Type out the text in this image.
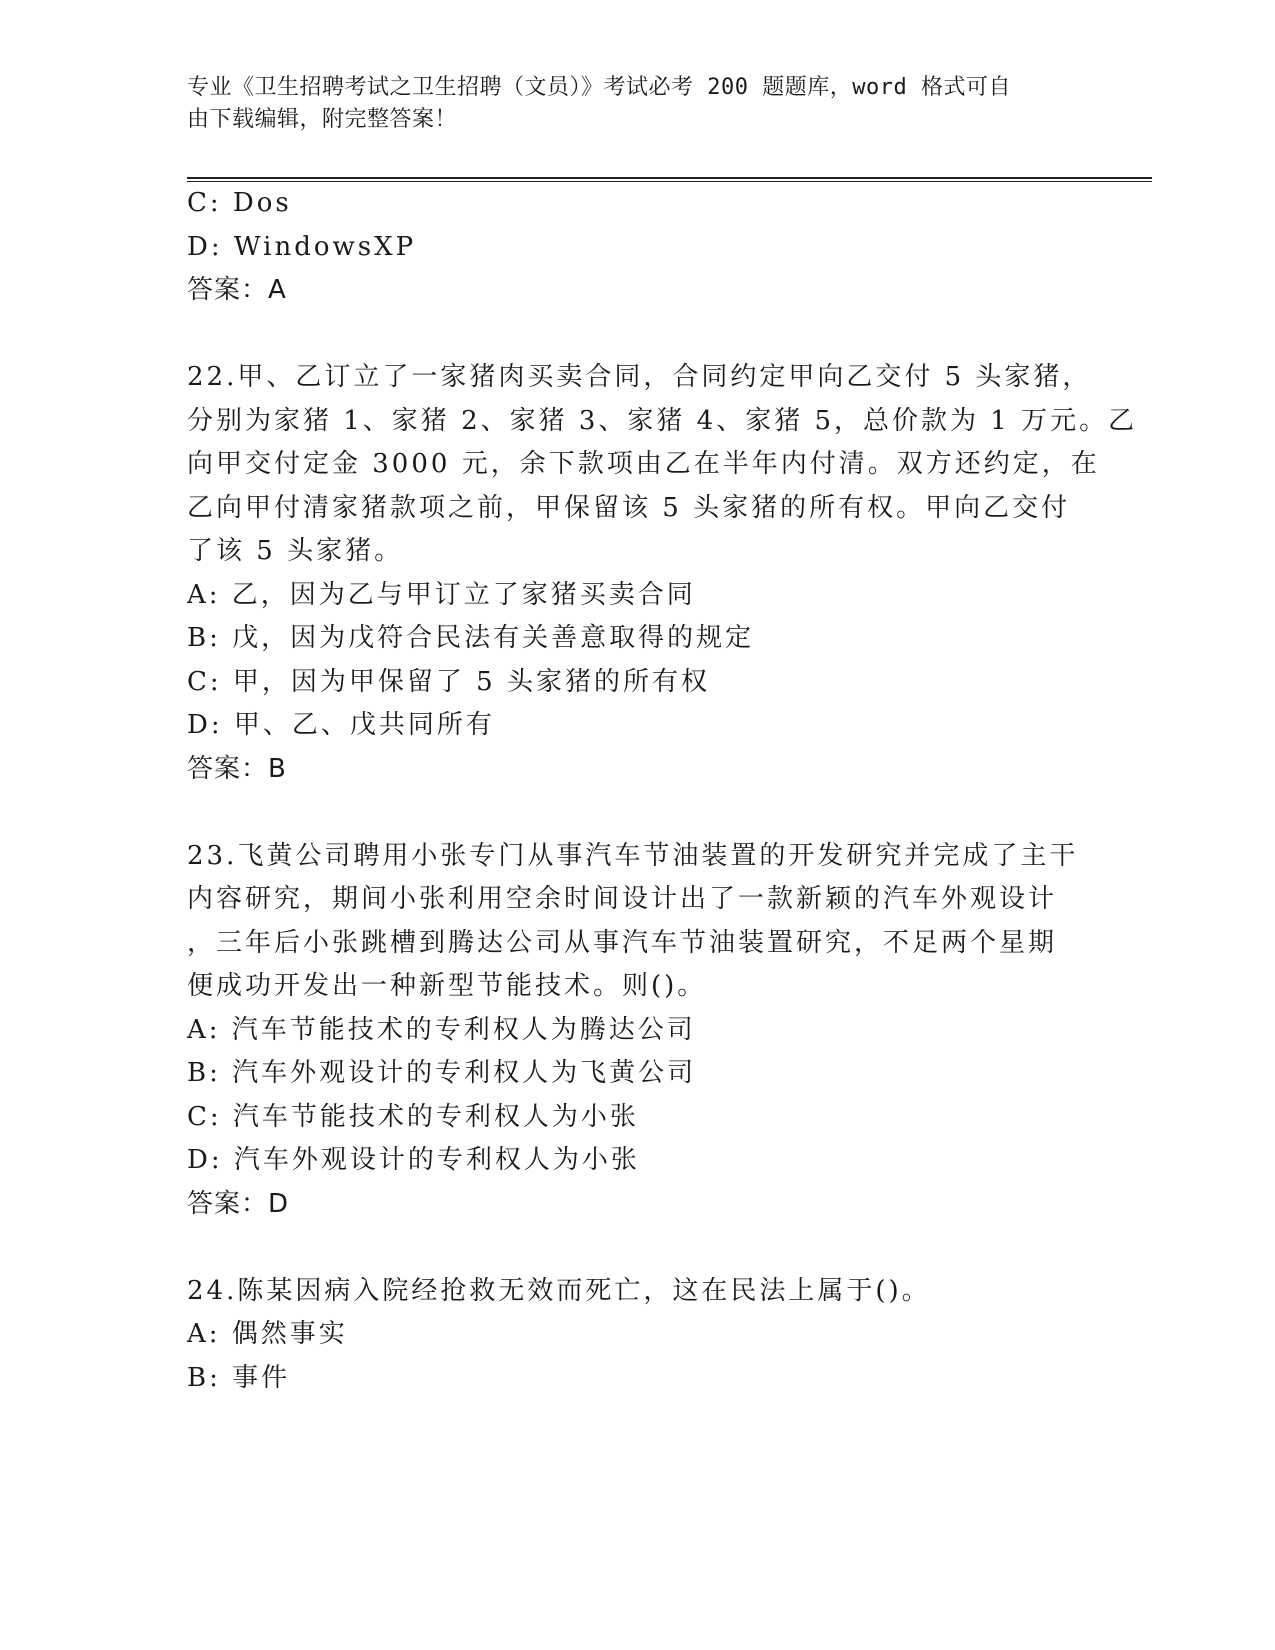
专业《卫生招聘考试之卫生招聘（文员）》考试必考 200 题题库，word 格式可自
由下载编辑，附完整答案！
C: Dos
D: WindowsXP
答案：A
22.甲、乙订立了一家猪肉买卖合同，合同约定甲向乙交付 5 头家猪，
分别为家猪 1、家猪 2、家猪 3、家猪 4、家猪 5，总价款为 1 万元。乙
向甲交付定金 3000 元，余下款项由乙在半年内付清。双方还约定，在
乙向甲付清家猪款项之前，甲保留该 5 头家猪的所有权。甲向乙交付
了该 5 头家猪。
A: 乙，因为乙与甲订立了家猪买卖合同
B: 戊，因为戊符合民法有关善意取得的规定
C: 甲，因为甲保留了 5 头家猪的所有权
D: 甲、乙、戊共同所有
答案：B
23.飞黄公司聘用小张专门从事汽车节油装置的开发研究并完成了主干
内容研究，期间小张利用空余时间设计出了一款新颖的汽车外观设计
，三年后小张跳槽到腾达公司从事汽车节油装置研究，不足两个星期
便成功开发出一种新型节能技术。则()。
A: 汽车节能技术的专利权人为腾达公司
B: 汽车外观设计的专利权人为飞黄公司
C: 汽车节能技术的专利权人为小张
D: 汽车外观设计的专利权人为小张
答案：D
24.陈某因病入院经抢救无效而死亡，这在民法上属于()。
A: 偶然事实
B: 事件
